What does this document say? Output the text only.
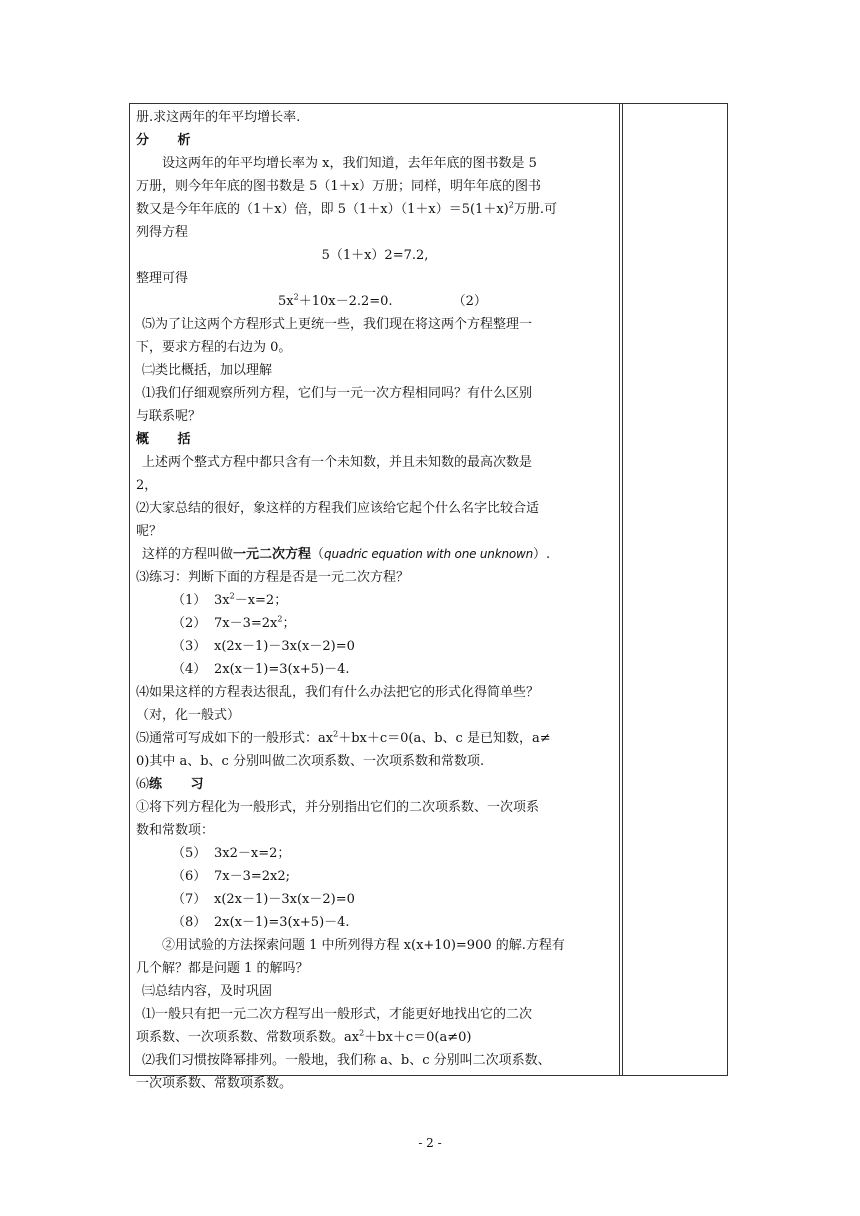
册.求这两年的年平均增长率.
分 析
设这两年的年平均增长率为 x，我们知道，去年年底的图书数是 5
万册，则今年年底的图书数是 5（1＋x）万册；同样，明年年底的图书
数又是今年年底的（1＋x）倍，即 $5(1+x)(1+x)=5(1+x)^2$万册.可
列得方程
5（1＋x）2=7.2,
整理可得
$5x^2+10x-2.2=0$.	（2）
⑸为了让这两个方程形式上更统一些，我们现在将这两个方程整理一
下，要求方程的右边为 0。
㈡类比概括，加以理解
⑴我们仔细观察所列方程，它们与一元一次方程相同吗？有什么区别
与联系呢？
概 括
上述两个整式方程中都只含有一个未知数，并且未知数的最高次数是
2，
⑵大家总结的很好，象这样的方程我们应该给它起个什么名字比较合适
呢？
这样的方程叫做一元二次方程（quadric equation with one unknown）.
⑶练习：判断下面的方程是否是一元二次方程？
（1） $3x^2-x=2$；
（2） $7x-3=2x^2$；
（3） x(2x－1)－3x(x－2)=0
（4） 2x(x－1)=3(x+5)－4.
⑷如果这样的方程表达很乱，我们有什么办法把它的形式化得简单些？
（对，化一般式）
⑸通常可写成如下的一般形式：$ax^2+bx+c=0(a$、b、c 是已知数，a≠
0)其中 a、b、c 分别叫做二次项系数、一次项系数和常数项.
⑹练 习
①将下列方程化为一般形式，并分别指出它们的二次项系数、一次项系
数和常数项：
（5） 3x2－x=2；
（6） 7x－3=2x2;
（7） x(2x－1)－3x(x－2)=0
（8） 2x(x－1)=3(x+5)－4.
②用试验的方法探索问题 1 中所列得方程 x(x+10)=900 的解.方程有
几个解？都是问题 1 的解吗？
㈢总结内容，及时巩固
⑴一般只有把一元二次方程写出一般形式，才能更好地找出它的二次
项系数、一次项系数、常数项系数。$ax^2+bx+c=0(a\ne 0)$
⑵我们习惯按降幂排列。一般地，我们称 a、b、c 分别叫二次项系数、
一次项系数、常数项系数。
- 2 -
